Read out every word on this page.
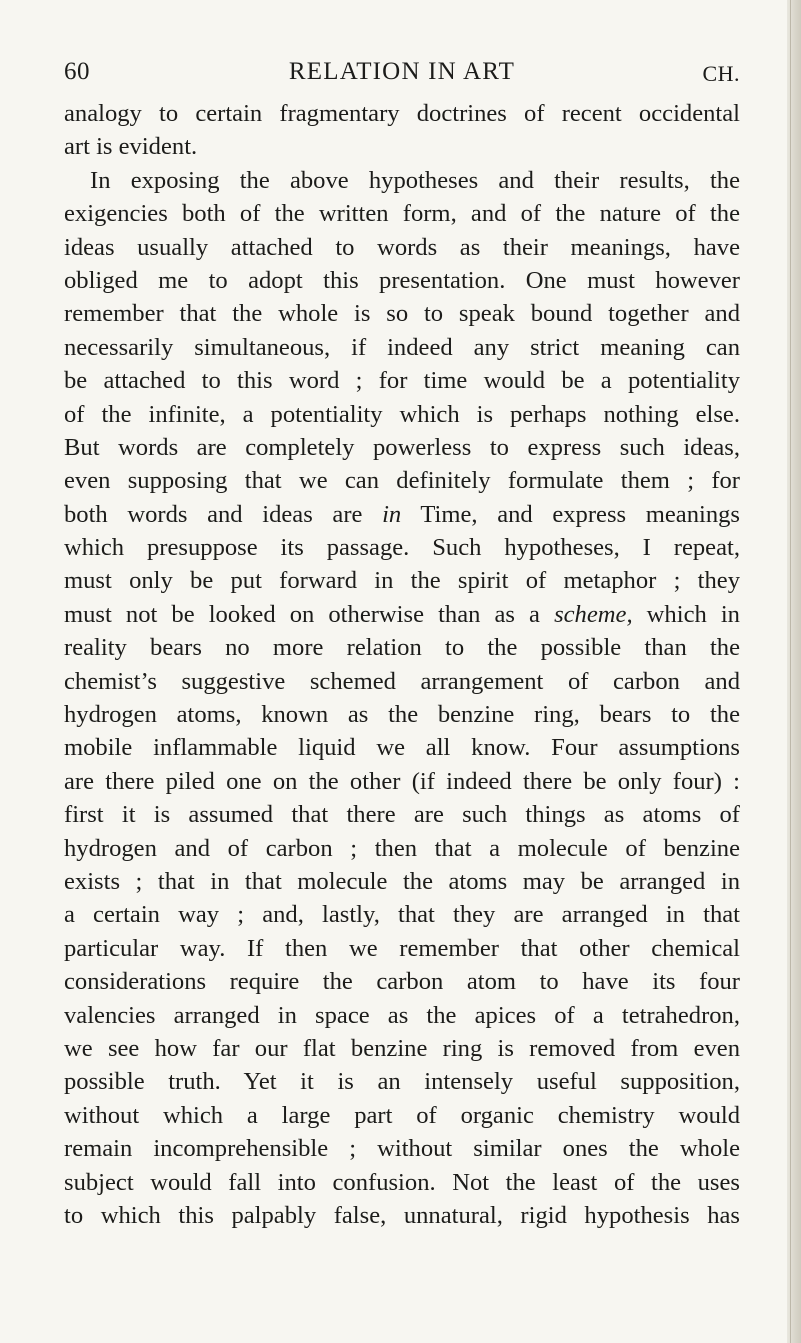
60	RELATION IN ART	CH.
analogy to certain fragmentary doctrines of recent occidental
art is evident.
In exposing the above hypotheses and their results, the
exigencies both of the written form, and of the nature of the
ideas usually attached to words as their meanings, have
obliged me to adopt this presentation. One must however
remember that the whole is so to speak bound together and
necessarily simultaneous, if indeed any strict meaning can
be attached to this word ; for time would be a potentiality
of the infinite, a potentiality which is perhaps nothing else.
But words are completely powerless to express such ideas,
even supposing that we can definitely formulate them ; for
both words and ideas are in Time, and express meanings
which presuppose its passage. Such hypotheses, I repeat,
must only be put forward in the spirit of metaphor ; they
must not be looked on otherwise than as a scheme, which in
reality bears no more relation to the possible than the
chemist’s suggestive schemed arrangement of carbon and
hydrogen atoms, known as the benzine ring, bears to the
mobile inflammable liquid we all know. Four assumptions
are there piled one on the other (if indeed there be only four) :
first it is assumed that there are such things as atoms of
hydrogen and of carbon ; then that a molecule of benzine
exists ; that in that molecule the atoms may be arranged in
a certain way ; and, lastly, that they are arranged in that
particular way. If then we remember that other chemical
considerations require the carbon atom to have its four
valencies arranged in space as the apices of a tetrahedron,
we see how far our flat benzine ring is removed from even
possible truth. Yet it is an intensely useful supposition,
without which a large part of organic chemistry would
remain incomprehensible ; without similar ones the whole
subject would fall into confusion. Not the least of the uses
to which this palpably false, unnatural, rigid hypothesis has
